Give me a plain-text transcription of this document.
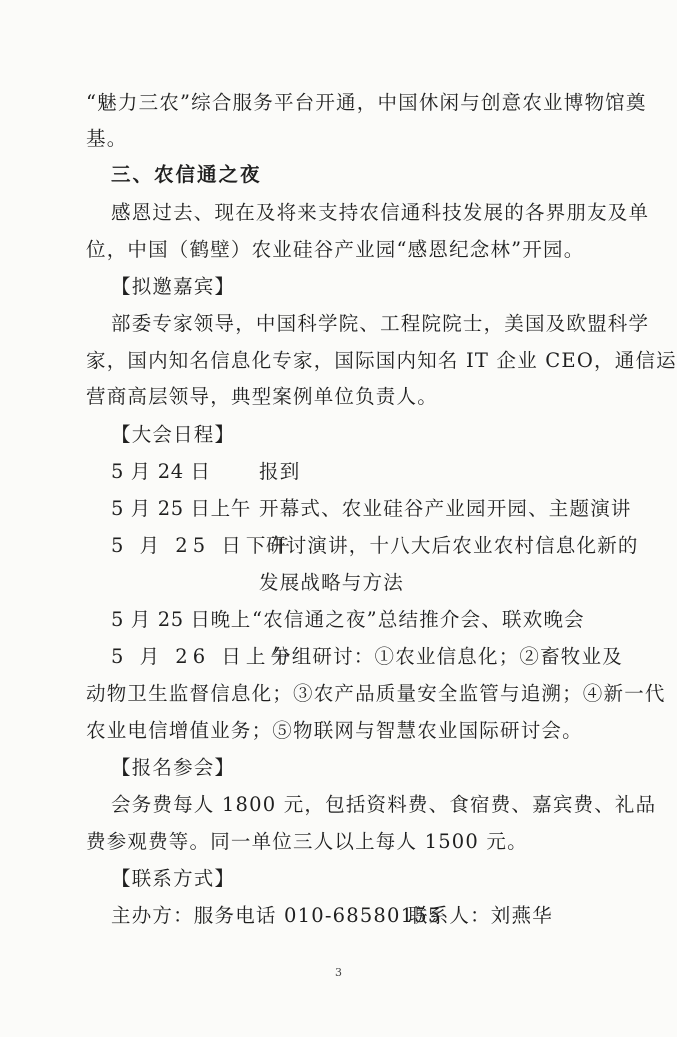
“魅力三农”综合服务平台开通，中国休闲与创意农业博物馆奠
基。
三、农信通之夜
感恩过去、现在及将来支持农信通科技发展的各界朋友及单
位，中国（鹤壁）农业硅谷产业园“感恩纪念林”开园。
【拟邀嘉宾】
部委专家领导，中国科学院、工程院院士，美国及欧盟科学
家，国内知名信息化专家，国际国内知名 IT 企业 CEO，通信运
营商高层领导，典型案例单位负责人。
【大会日程】
5 月 24 日 报到
5 月 25 日上午 开幕式、农业硅谷产业园开园、主题演讲
5 月 25 日下午
研讨演讲，十八大后农业农村信息化新的
发展战略与方法
5 月 25 日晚上 “农信通之夜”总结推介会、联欢晚会
5 月 26 日上午
分组研讨：①农业信息化；②畜牧业及
动物卫生监督信息化；③农产品质量安全监管与追溯；④新一代
农业电信增值业务；⑤物联网与智慧农业国际研讨会。
【报名参会】
会务费每人 1800 元，包括资料费、食宿费、嘉宾费、礼品
费参观费等。同一单位三人以上每人 1500 元。
【联系方式】
主办方：服务电话 010-68580155
联系人：刘燕华
3
